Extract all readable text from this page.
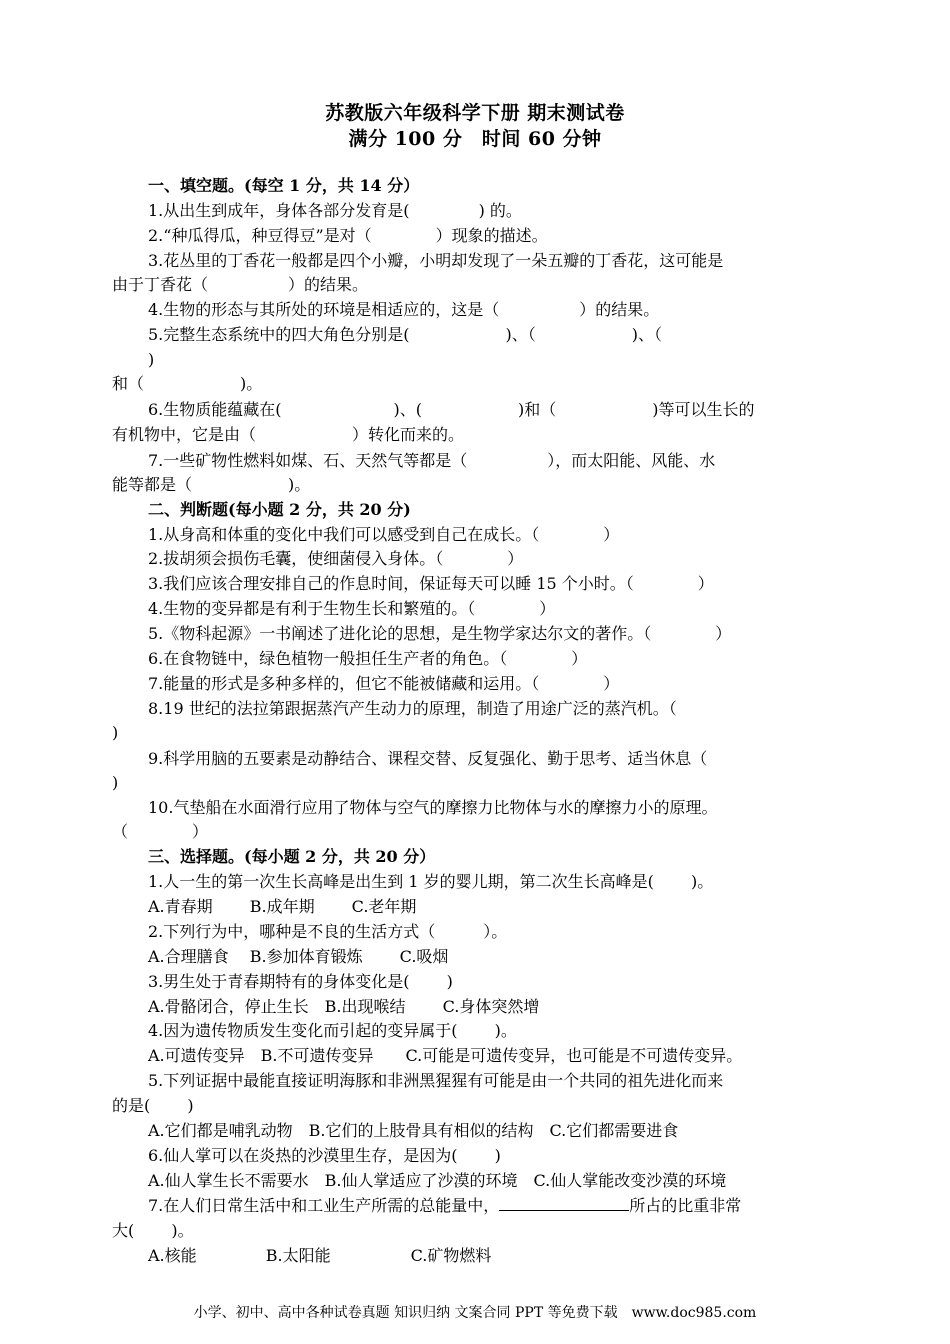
苏教版六年级科学下册 期末测试卷
满分 100 分　时间 60 分钟
一、填空题。(每空 1 分，共 14 分）
1.从出生到成年，身体各部分发育是(　　　　 ) 的。
2.“种瓜得瓜，种豆得豆”是对（　　　　）现象的描述。
3.花丛里的丁香花一般都是四个小瓣，小明却发现了一朵五瓣的丁香花，这可能是
由于丁香花（　　　　　）的结果。
4.生物的形态与其所处的环境是相适应的，这是（　　　　　）的结果。
5.完整生态系统中的四大角色分别是(　　　　　　)、（　　　　　　)、（
)
和（　　　　　　)。
6.生物质能蕴藏在(　　　　　　　)、(　　　　　　)和（　　　　　　)等可以生长的
有机物中，它是由（　　　　　　）转化而来的。
7.一些矿物性燃料如煤、石、天然气等都是（　　　　　），而太阳能、风能、水
能等都是（　　　　　　)。
二、判断题(每小题 2 分，共 20 分)
1.从身高和体重的变化中我们可以感受到自己在成长。（　　　　）
2.拔胡须会损伤毛囊，使细菌侵入身体。（　　　　）
3.我们应该合理安排自己的作息时间，保证每天可以睡 15 个小时。（　　　　）
4.生物的变异都是有利于生物生长和繁殖的。（　　　　）
5.《物科起源》一书阐述了进化论的思想，是生物学家达尔文的著作。（　　　　）
6.在食物链中，绿色植物一般担任生产者的角色。（　　　　）
7.能量的形式是多种多样的，但它不能被储藏和运用。（　　　　）
8.19 世纪的法拉第跟据蒸汽产生动力的原理，制造了用途广泛的蒸汽机。（
)
9.科学用脑的五要素是动静结合、课程交替、反复强化、勤于思考、适当休息（
)
10.气垫船在水面滑行应用了物体与空气的摩擦力比物体与水的摩擦力小的原理。
（　　　　）
三、选择题。(每小题 2 分，共 20 分）
1.人一生的第一次生长高峰是出生到 1 岁的婴儿期，第二次生长高峰是(　　 )。
A.青春期　　 B.成年期　　 C.老年期
2.下列行为中，哪种是不良的生活方式（　　　）。
A.合理膳食　 B.参加体育锻炼　　 C.吸烟
3.男生处于青春期特有的身体变化是(　　 )
A.骨骼闭合，停止生长　B.出现喉结　　 C.身体突然增
4.因为遗传物质发生变化而引起的变异属于(　　 )。
A.可遗传变异　B.不可遗传变异　　C.可能是可遗传变异，也可能是不可遗传变异。
5.下列证据中最能直接证明海豚和非洲黑猩猩有可能是由一个共同的祖先进化而来
的是(　　 )
A.它们都是哺乳动物　B.它们的上肢骨具有相似的结构　C.它们都需要进食
6.仙人掌可以在炎热的沙漠里生存，是因为(　　 )
A.仙人掌生长不需要水　B.仙人掌适应了沙漠的环境　C.仙人掌能改变沙漠的环境
7.在人们日常生活中和工业生产所需的总能量中，	所占的比重非常
大(　　 )。
A.核能　　　　 B.太阳能　　　　　C.矿物燃料
小学、初中、高中各种试卷真题 知识归纳 文案合同 PPT 等免费下载　www.doc985.com
